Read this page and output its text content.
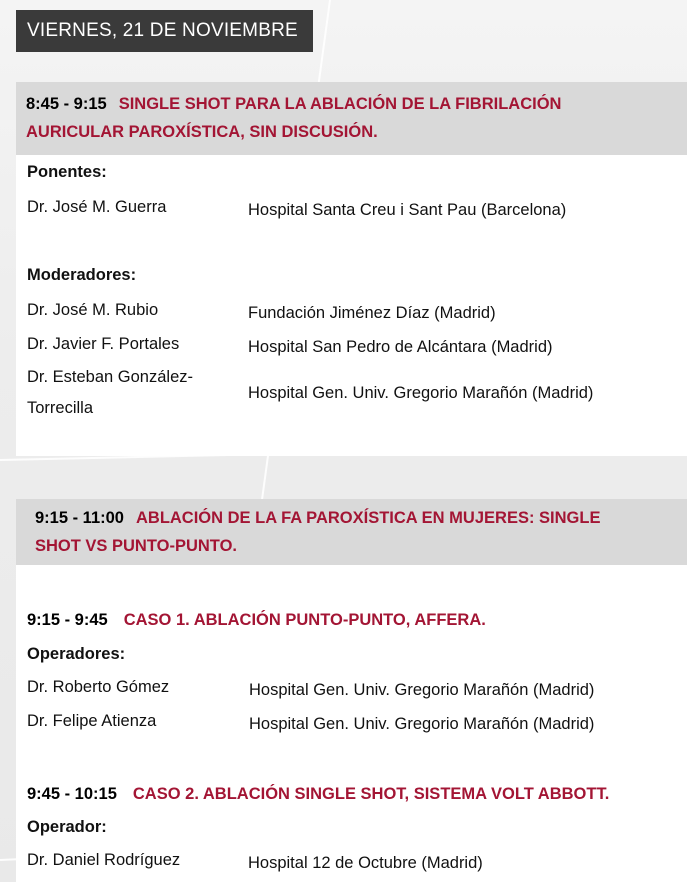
VIERNES, 21 DE NOVIEMBRE
8:45 - 9:15 SINGLE SHOT PARA LA ABLACIÓN DE LA FIBRILACIÓN
AURICULAR PAROXÍSTICA, SIN DISCUSIÓN.
Ponentes:
Dr. José M. Guerra	Hospital Santa Creu i Sant Pau (Barcelona)
Moderadores:
Dr. José M. Rubio	Fundación Jiménez Díaz (Madrid)
Dr. Javier F. Portales	Hospital San Pedro de Alcántara (Madrid)
Dr. Esteban González-
Torrecilla
Hospital Gen. Univ. Gregorio Marañón (Madrid)
9:15 - 11:00 ABLACIÓN DE LA FA PAROXÍSTICA EN MUJERES: SINGLE
SHOT VS PUNTO-PUNTO.
9:15 - 9:45 CASO 1. ABLACIÓN PUNTO-PUNTO, AFFERA.
Operadores:
Dr. Roberto Gómez	Hospital Gen. Univ. Gregorio Marañón (Madrid)
Dr. Felipe Atienza	Hospital Gen. Univ. Gregorio Marañón (Madrid)
9:45 - 10:15 CASO 2. ABLACIÓN SINGLE SHOT, SISTEMA VOLT ABBOTT.
Operador:
Dr. Daniel Rodríguez	Hospital 12 de Octubre (Madrid)
